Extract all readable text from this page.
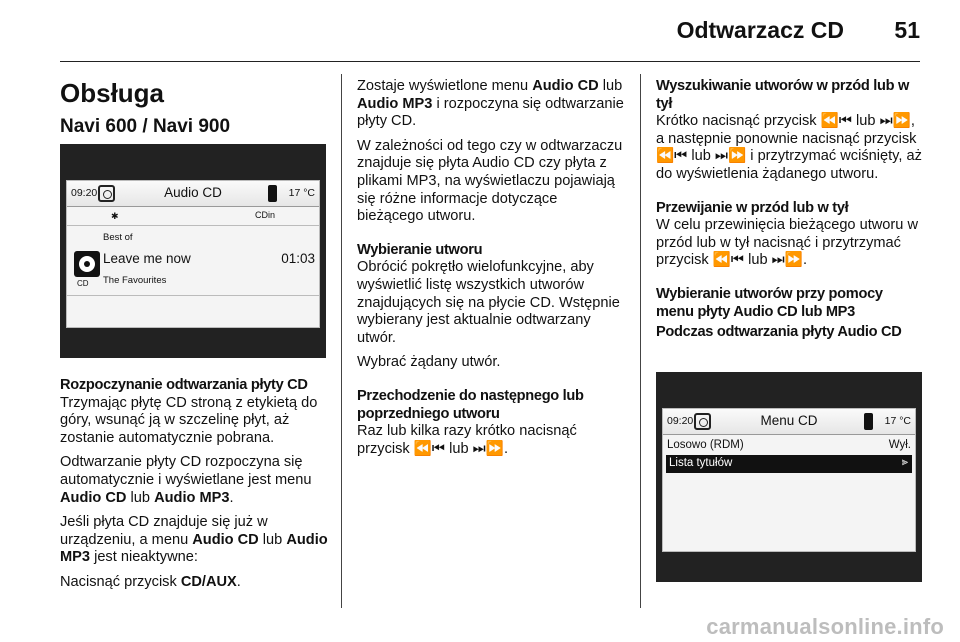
Odtwarzacz CD 51
Obsługa
Navi 600 / Navi 900
09:20	Audio CD	17 °C
✱	CDin
Best of
CD
Leave me now	01:03
The Favourites
Rozpoczynanie odtwarzania płyty CD

Trzymając płytę CD stroną z etykietą do góry, wsunąć ją w szczelinę płyt, aż zostanie automatycznie pobrana.

Odtwarzanie płyty CD rozpoczyna się automatycznie i wyświetlane jest menu Audio CD lub Audio MP3.

Jeśli płyta CD znajduje się już w urządzeniu, a menu Audio CD lub Audio MP3 jest nieaktywne:

Nacisnąć przycisk CD/AUX.

Zostaje wyświetlone menu Audio CD lub Audio MP3 i rozpoczyna się odtwarzanie płyty CD.

W zależności od tego czy w odtwarzaczu znajduje się płyta Audio CD czy płyta z plikami MP3, na wyświetlaczu pojawiają się różne informacje dotyczące bieżącego utworu.

Wybieranie utworu

Obrócić pokrętło wielofunkcyjne, aby wyświetlić listę wszystkich utworów znajdujących się na płycie CD. Wstępnie wybierany jest aktualnie odtwarzany utwór.

Wybrać żądany utwór.

Przechodzenie do następnego lub poprzedniego utworu

Raz lub kilka razy krótko nacisnąć przycisk ⏪⏮ lub ⏭⏩.

Wyszukiwanie utworów w przód lub w tył

Krótko nacisnąć przycisk ⏪⏮ lub ⏭⏩, a następnie ponownie nacisnąć przycisk ⏪⏮ lub ⏭⏩ i przytrzymać wciśnięty, aż do wyświetlenia żądanego utworu.

Przewijanie w przód lub w tył

W celu przewinięcia bieżącego utworu w przód lub w tył nacisnąć i przytrzymać przycisk ⏪⏮ lub ⏭⏩.

Wybieranie utworów przy pomocy menu płyty Audio CD lub MP3
Podczas odtwarzania płyty Audio CD
09:20	Menu CD	17 °C
Losowo (RDM)	Wył.
Lista tytułów	⫸
carmanualsonline.info
